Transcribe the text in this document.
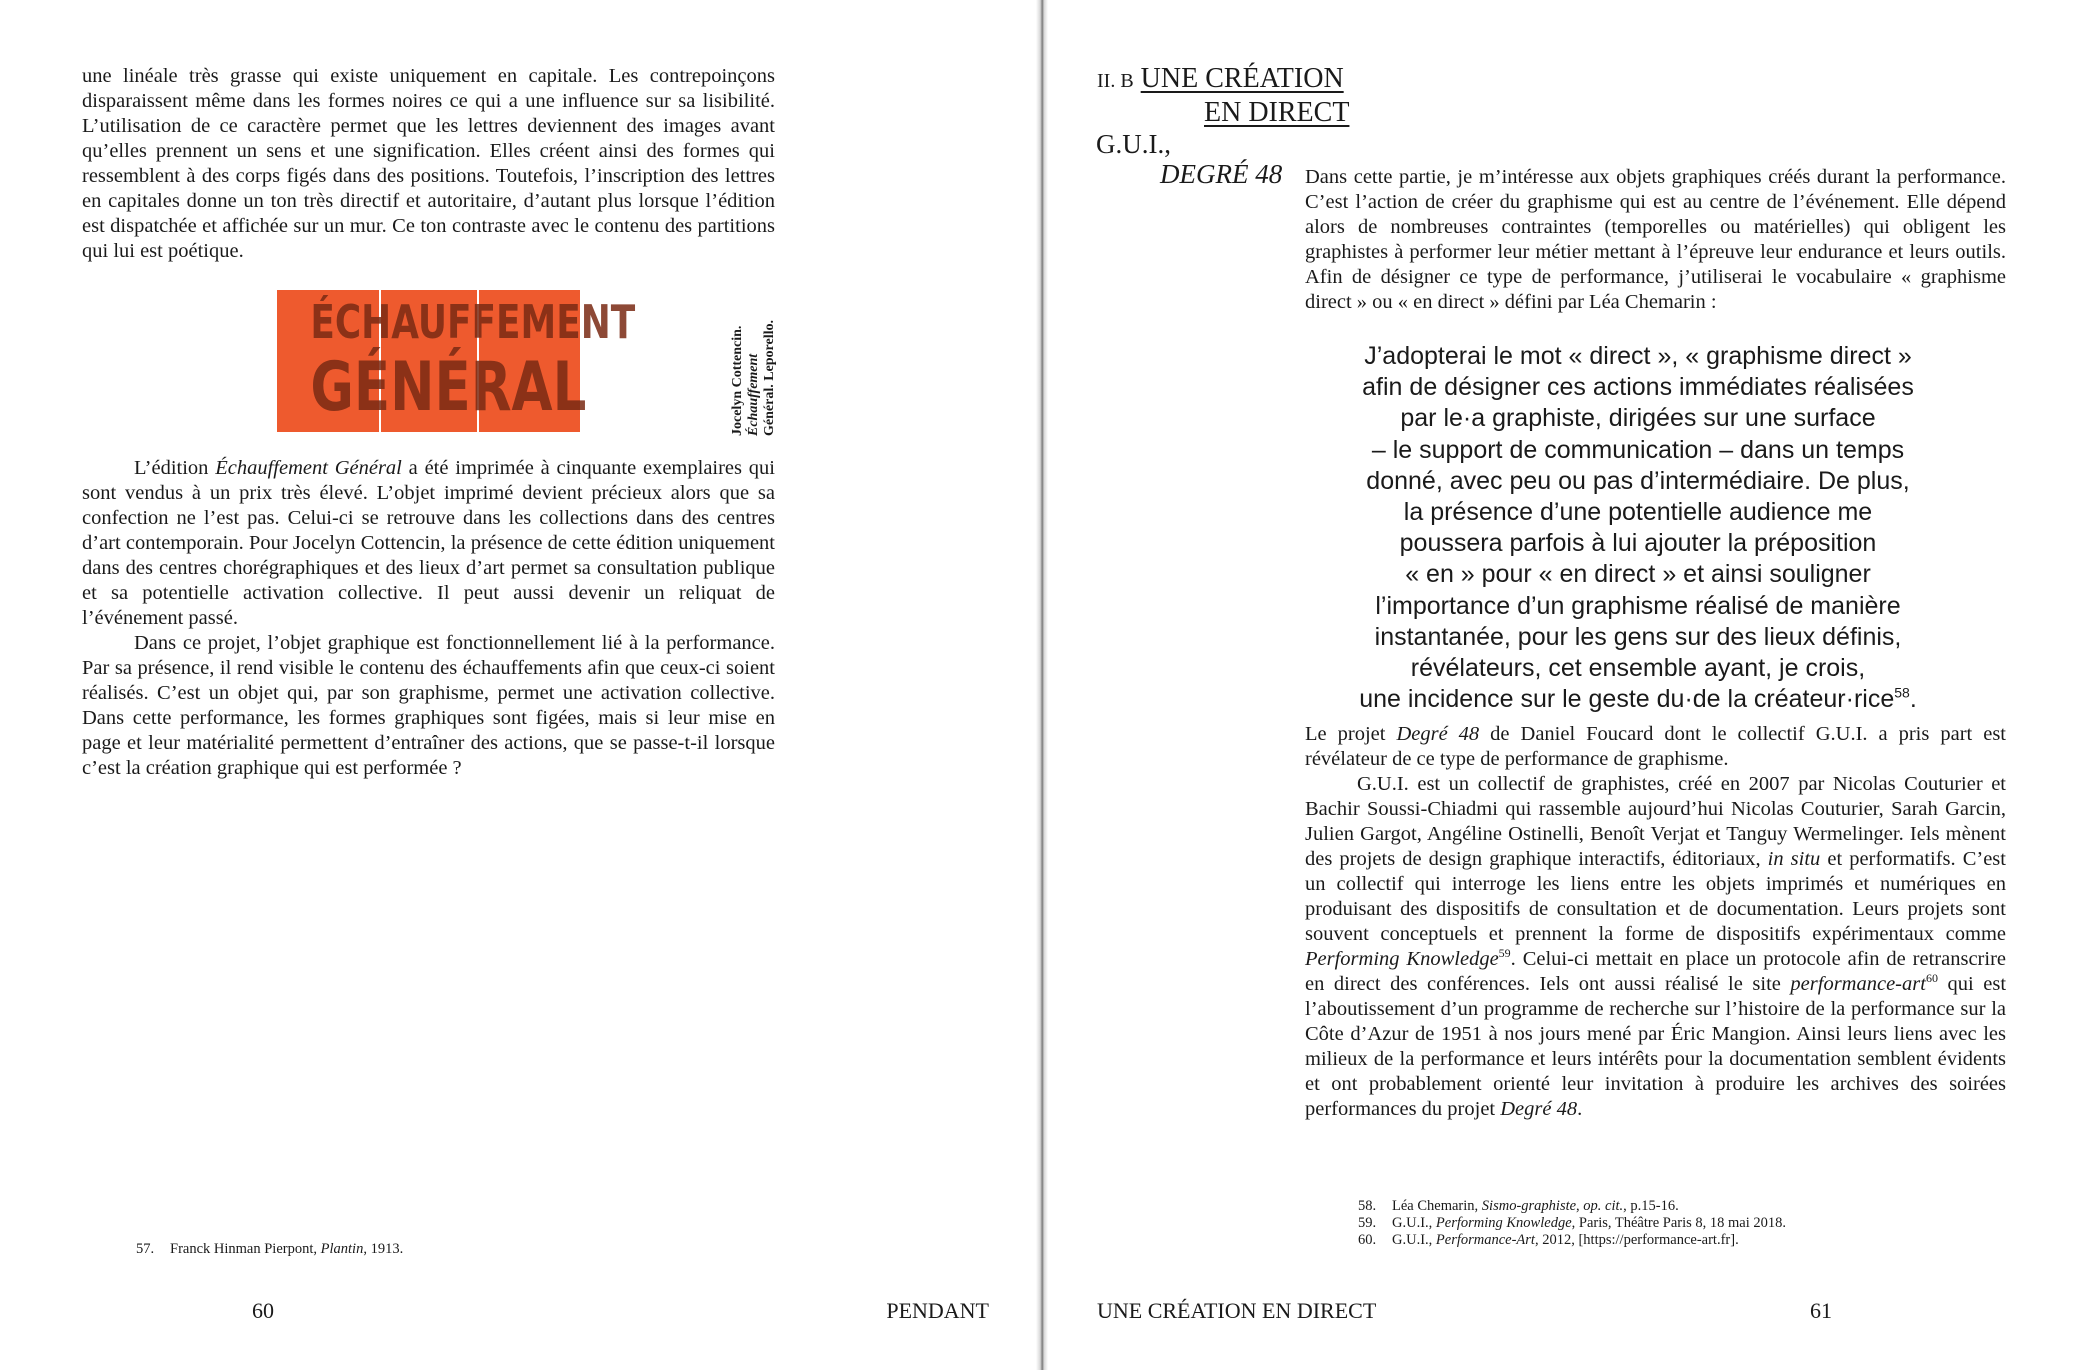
une linéale très grasse qui existe uniquement en capitale. Les contrepoinçons disparaissent même dans les formes noires ce qui a une influence sur sa lisibilité. L’utilisation de ce caractère permet que les lettres deviennent des images avant qu’elles prennent un sens et une signification. Elles créent ainsi des formes qui ressemblent à des corps figés dans des positions. Toutefois, l’inscription des lettres en capitales donne un ton très directif et autoritaire, d’autant plus lorsque l’édition est dispatchée et affichée sur un mur. Ce ton contraste avec le contenu des partitions qui lui est poétique.

ÉCHAUFFEMENT
GÉNÉRAL	Jocelyn Cottencin. Échauffement Général. Leporello.

L’édition Échauffement Général a été imprimée à cinquante exemplaires qui sont vendus à un prix très élevé. L’objet imprimé devient précieux alors que sa confection ne l’est pas. Celui-ci se retrouve dans les collections dans des centres d’art contemporain. Pour Jocelyn Cottencin, la présence de cette édition uniquement dans des centres chorégraphiques et des lieux d’art permet sa consultation publique et sa potentielle activation collective. Il peut aussi devenir un reliquat de l’événement passé.

Dans ce projet, l’objet graphique est fonctionnellement lié à la performance. Par sa présence, il rend visible le contenu des échauffements afin que ceux-ci soient réalisés. C’est un objet qui, par son graphisme, permet une activation collective. Dans cette performance, les formes graphiques sont figées, mais si leur mise en page et leur matérialité permettent d’entraîner des actions, que se passe-t-il lorsque c’est la création graphique qui est performée ?

57. Franck Hinman Pierpont, Plantin, 1913.
60	PENDANT
II. B UNE CRÉATION
EN DIRECT
G.U.I.,
DEGRÉ 48 Dans cette partie, je m’intéresse aux objets graphiques créés durant la performance. C’est l’action de créer du graphisme qui est au centre de l’événement. Elle dépend alors de nombreuses contraintes (temporelles ou matérielles) qui obligent les graphistes à performer leur métier mettant à l’épreuve leur endurance et leurs outils. Afin de désigner ce type de performance, j’utiliserai le vocabulaire « graphisme direct » ou « en direct » défini par Léa Chemarin :

J’adopterai le mot « direct », « graphisme direct »
afin de désigner ces actions immédiates réalisées
par le·a graphiste, dirigées sur une surface
– le support de communication – dans un temps
donné, avec peu ou pas d’intermédiaire. De plus,
la présence d’une potentielle audience me
poussera parfois à lui ajouter la préposition
« en » pour « en direct » et ainsi souligner
l’importance d’un graphisme réalisé de manière
instantanée, pour les gens sur des lieux définis,
révélateurs, cet ensemble ayant, je crois,
une incidence sur le geste du·de la créateur·rice$^{58}$.

Le projet Degré 48 de Daniel Foucard dont le collectif G.U.I. a pris part est révélateur de ce type de performance de graphisme.

G.U.I. est un collectif de graphistes, créé en 2007 par Nicolas Couturier et Bachir Soussi-Chiadmi qui rassemble aujourd’hui Nicolas Couturier, Sarah Garcin, Julien Gargot, Angéline Ostinelli, Benoît Verjat et Tanguy Wermelinger. Iels mènent des projets de design graphique interactifs, éditoriaux, in situ et performatifs. C’est un collectif qui interroge les liens entre les objets imprimés et numériques en produisant des dispositifs de consultation et de documentation. Leurs projets sont souvent conceptuels et prennent la forme de dispositifs expérimentaux comme Performing Knowledge$^{59}$. Celui-ci mettait en place un protocole afin de retranscrire en direct des conférences. Iels ont aussi réalisé le site performance-art$^{60}$ qui est l’aboutissement d’un programme de recherche sur l’histoire de la performance sur la Côte d’Azur de 1951 à nos jours mené par Éric Mangion. Ainsi leurs liens avec les milieux de la performance et leurs intérêts pour la documentation semblent évidents et ont probablement orienté leur invitation à produire les archives des soirées performances du projet Degré 48.

58. Léa Chemarin, Sismo-graphiste, op. cit., p.15-16.
59. G.U.I., Performing Knowledge, Paris, Théâtre Paris 8, 18 mai 2018.
60. G.U.I., Performance-Art, 2012, [https://performance-art.fr].
UNE CRÉATION EN DIRECT	61
